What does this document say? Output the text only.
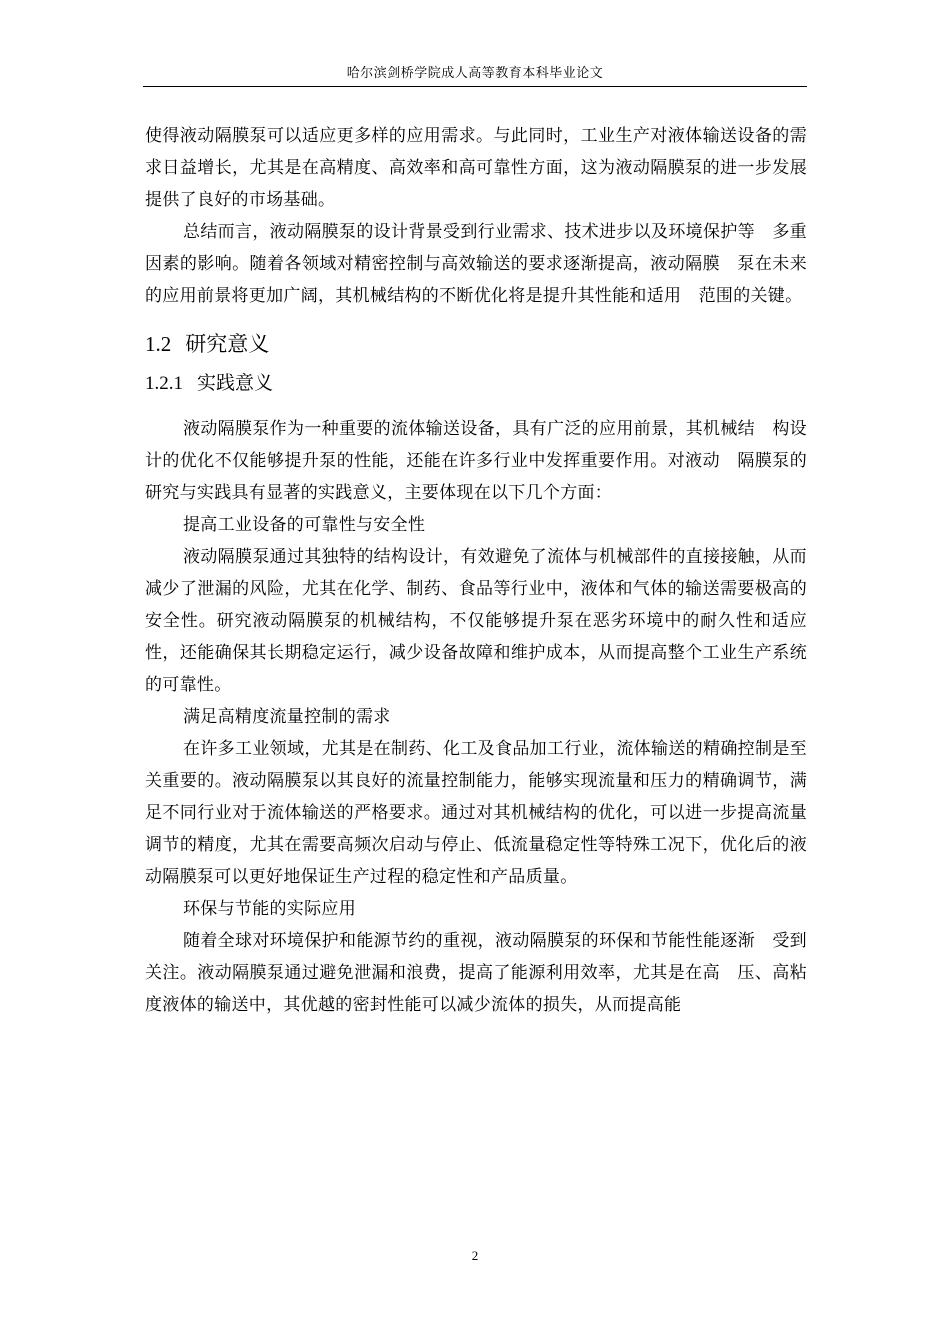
哈尔滨剑桥学院成人高等教育本科毕业论文

使得液动隔膜泵可以适应更多样的应用需求。与此同时，工业生产对液体输送设备的需求日益增长，尤其是在高精度、高效率和高可靠性方面，这为液动隔膜泵的进一步发展提供了良好的市场基础。

总结而言，液动隔膜泵的设计背景受到行业需求、技术进步以及环境保护等　多重因素的影响。随着各领域对精密控制与高效输送的要求逐渐提高，液动隔膜　泵在未来的应用前景将更加广阔，其机械结构的不断优化将是提升其性能和适用　范围的关键。

1.2 研究意义
1.2.1 实践意义

液动隔膜泵作为一种重要的流体输送设备，具有广泛的应用前景，其机械结　构设计的优化不仅能够提升泵的性能，还能在许多行业中发挥重要作用。对液动　隔膜泵的研究与实践具有显著的实践意义，主要体现在以下几个方面：

提高工业设备的可靠性与安全性

液动隔膜泵通过其独特的结构设计，有效避免了流体与机械部件的直接接触，从而减少了泄漏的风险，尤其在化学、制药、食品等行业中，液体和气体的输送需要极高的安全性。研究液动隔膜泵的机械结构，不仅能够提升泵在恶劣环境中的耐久性和适应性，还能确保其长期稳定运行，减少设备故障和维护成本，从而提高整个工业生产系统的可靠性。

满足高精度流量控制的需求

在许多工业领域，尤其是在制药、化工及食品加工行业，流体输送的精确控制是至关重要的。液动隔膜泵以其良好的流量控制能力，能够实现流量和压力的精确调节，满足不同行业对于流体输送的严格要求。通过对其机械结构的优化，可以进一步提高流量调节的精度，尤其在需要高频次启动与停止、低流量稳定性等特殊工况下，优化后的液动隔膜泵可以更好地保证生产过程的稳定性和产品质量。

环保与节能的实际应用

随着全球对环境保护和能源节约的重视，液动隔膜泵的环保和节能性能逐渐　受到关注。液动隔膜泵通过避免泄漏和浪费，提高了能源利用效率，尤其是在高　压、高粘度液体的输送中，其优越的密封性能可以减少流体的损失，从而提高能

2
